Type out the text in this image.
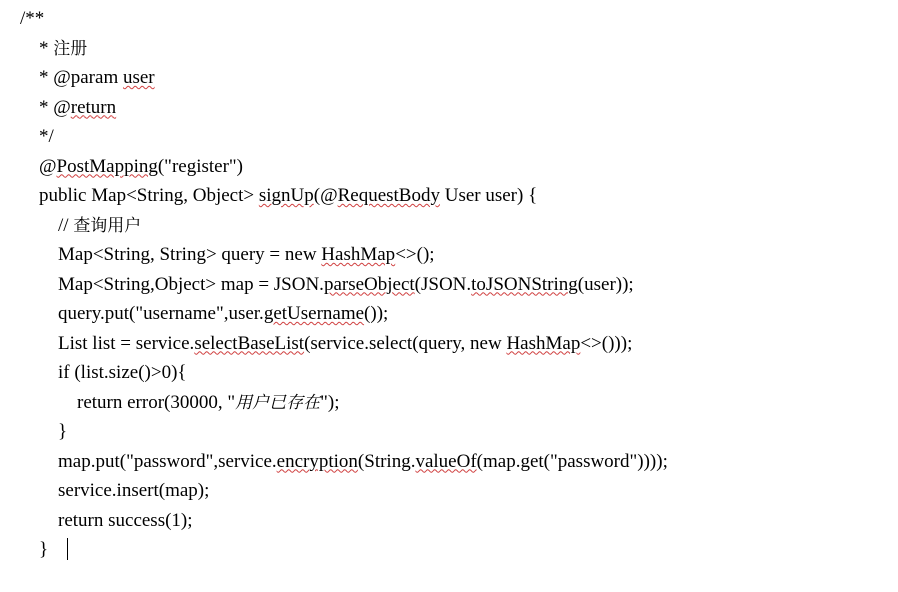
/**
* 注册
* @param user
* @return
*/
@PostMapping("register")
public Map<String, Object> signUp(@RequestBody User user) {
// 查询用户
Map<String, String> query = new HashMap<>();
Map<String,Object> map = JSON.parseObject(JSON.toJSONString(user));
query.put("username",user.getUsername());
List list = service.selectBaseList(service.select(query, new HashMap<>()));
if (list.size()>0){
return error(30000, "用户已存在");
}
map.put("password",service.encryption(String.valueOf(map.get("password"))));
service.insert(map);
return success(1);
}
